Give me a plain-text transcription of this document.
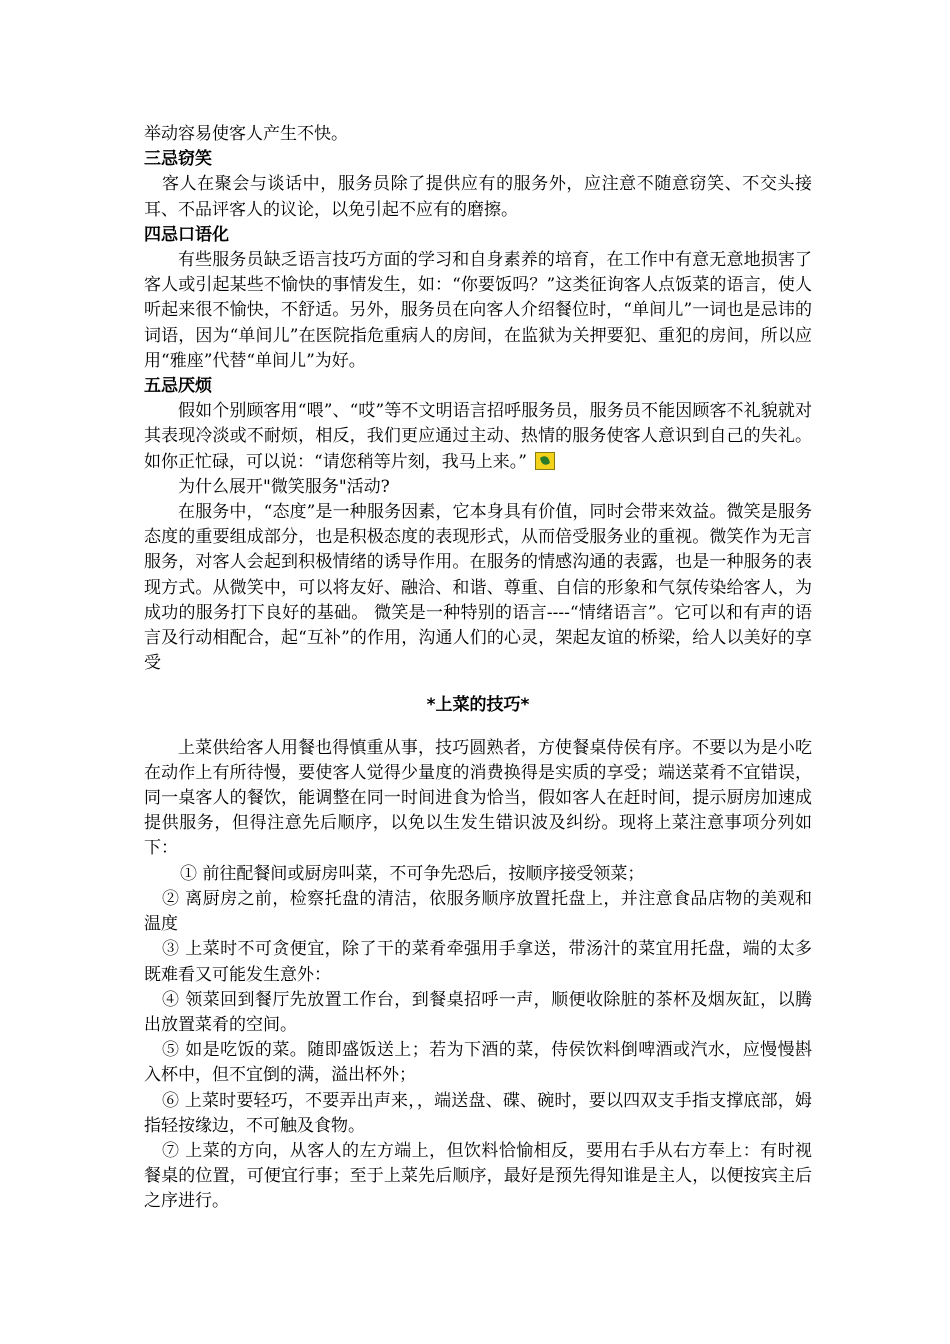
举动容易使客人产生不快。

三忌窃笑

客人在聚会与谈话中，服务员除了提供应有的服务外，应注意不随意窃笑、不交头接耳、不品评客人的议论，以免引起不应有的磨擦。

四忌口语化

有些服务员缺乏语言技巧方面的学习和自身素养的培育，在工作中有意无意地损害了客人或引起某些不愉快的事情发生，如：“你要饭吗？”这类征询客人点饭菜的语言，使人听起来很不愉快，不舒适。另外，服务员在向客人介绍餐位时，“单间儿”一词也是忌讳的词语，因为“单间儿”在医院指危重病人的房间，在监狱为关押要犯、重犯的房间，所以应用“雅座”代替“单间儿”为好。

五忌厌烦

假如个别顾客用“喂”、“哎”等不文明语言招呼服务员，服务员不能因顾客不礼貌就对其表现冷淡或不耐烦，相反，我们更应通过主动、热情的服务使客人意识到自己的失礼。如你正忙碌，可以说：“请您稍等片刻，我马上来。”

为什么展开"微笑服务"活动?

在服务中，“态度”是一种服务因素，它本身具有价值，同时会带来效益。微笑是服务态度的重要组成部分，也是积极态度的表现形式，从而倍受服务业的重视。微笑作为无言服务，对客人会起到积极情绪的诱导作用。在服务的情感沟通的表露，也是一种服务的表现方式。从微笑中，可以将友好、融洽、和谐、尊重、自信的形象和气氛传染给客人，为成功的服务打下良好的基础。 微笑是一种特别的语言----“情绪语言”。它可以和有声的语言及行动相配合，起“互补”的作用，沟通人们的心灵，架起友谊的桥梁，给人以美好的享受

*上菜的技巧*

上菜供给客人用餐也得慎重从事，技巧圆熟者，方使餐桌侍侯有序。不要以为是小吃在动作上有所待慢，要使客人觉得少量度的消费换得是实质的享受；端送菜肴不宜错误，同一桌客人的餐饮，能调整在同一时间进食为恰当，假如客人在赶时间，提示厨房加速成提供服务，但得注意先后顺序，以免以生发生错识波及纠纷。现将上菜注意事项分列如下：

① 前往配餐间或厨房叫菜，不可争先恐后，按顺序接受领菜；

② 离厨房之前，检察托盘的清洁，依服务顺序放置托盘上，并注意食品店物的美观和温度

③ 上菜时不可贪便宜，除了干的菜肴牵强用手拿送，带汤汁的菜宜用托盘，端的太多既难看又可能发生意外：

④ 领菜回到餐厅先放置工作台，到餐桌招呼一声，顺便收除脏的茶杯及烟灰缸，以腾出放置菜肴的空间。

⑤ 如是吃饭的菜。随即盛饭送上；若为下酒的菜，侍侯饮料倒啤酒或汽水，应慢慢斟入杯中，但不宜倒的满，溢出杯外；

⑥ 上菜时要轻巧，不要弄出声来，，端送盘、碟、碗时，要以四双支手指支撑底部，姆指轻按缘边，不可触及食物。

⑦ 上菜的方向，从客人的左方端上，但饮料恰愉相反，要用右手从右方奉上：有时视餐桌的位置，可便宜行事；至于上菜先后顺序，最好是预先得知谁是主人，以便按宾主后之序进行。
